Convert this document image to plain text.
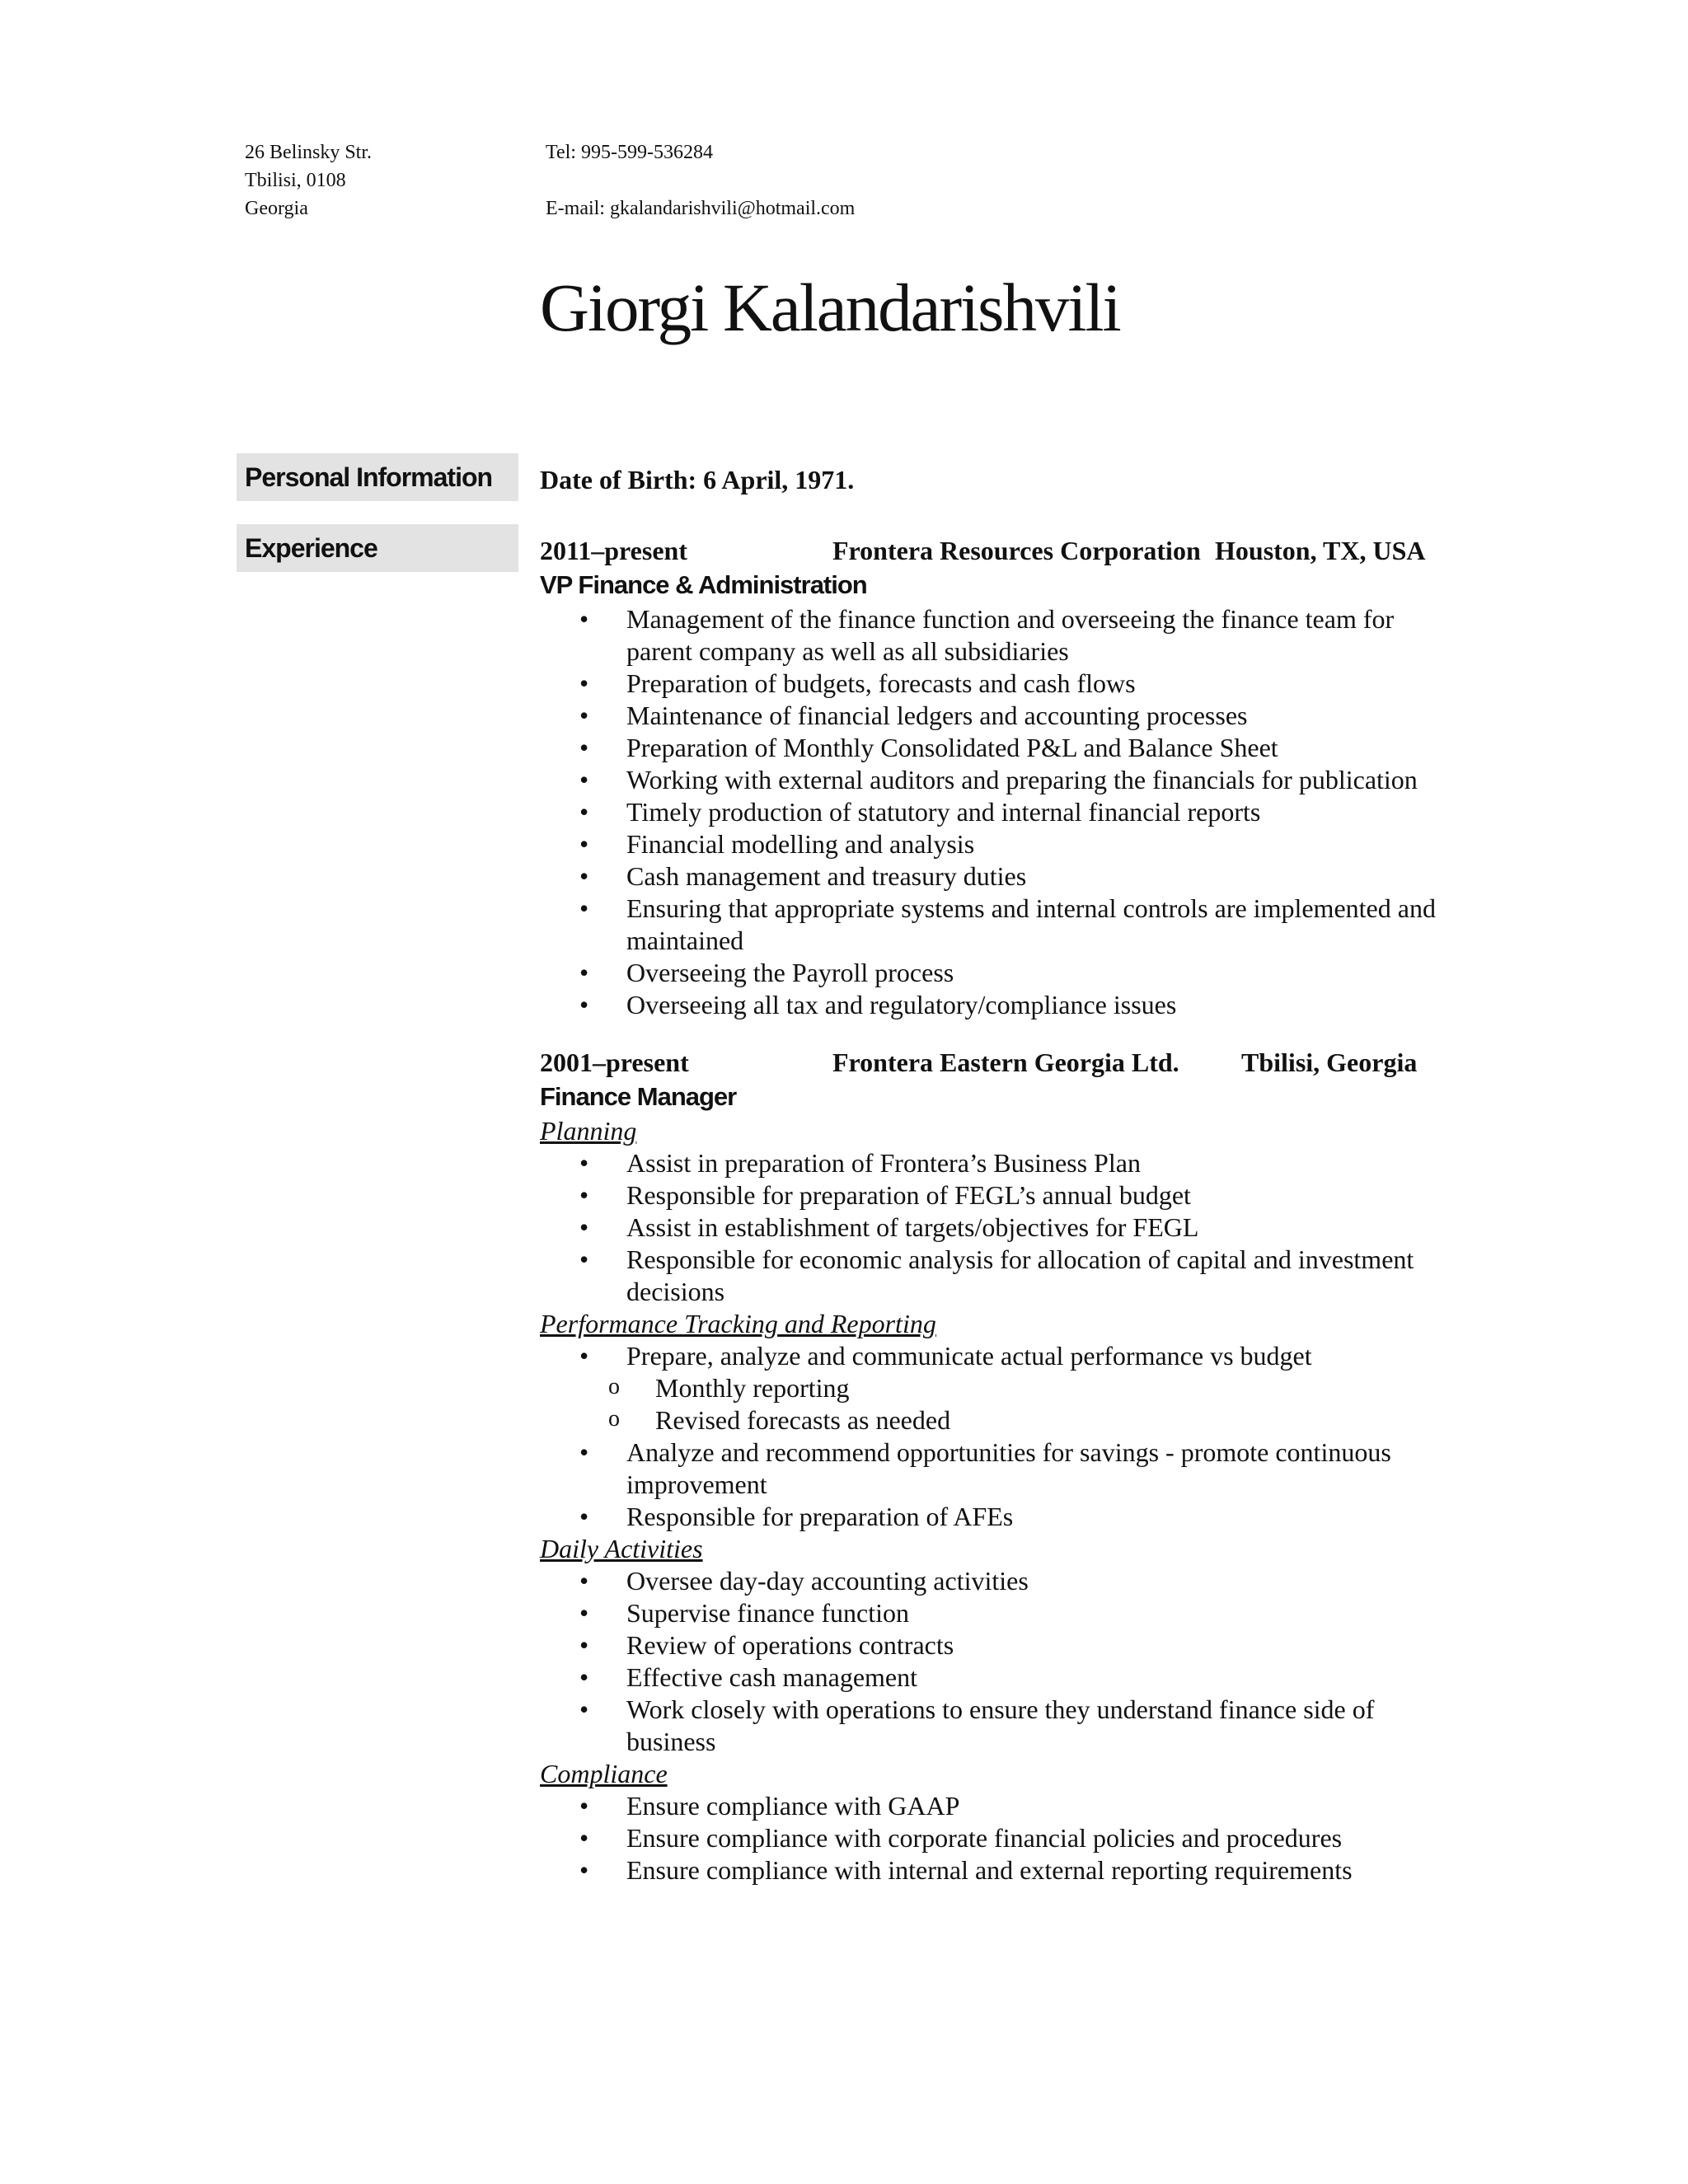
26 Belinsky Str.
Tbilisi, 0108
Georgia
Tel: 995-599-536284
E-mail: gkalandarishvili@hotmail.com
Giorgi Kalandarishvili
Personal Information	Date of Birth: 6 April, 1971.
Experience	2011–present	Frontera Resources Corporation Houston, TX, USA
VP Finance & Administration
• Management of the finance function and overseeing the finance team for parent company as well as all subsidiaries
• Preparation of budgets, forecasts and cash flows
• Maintenance of financial ledgers and accounting processes
• Preparation of Monthly Consolidated P&L and Balance Sheet
• Working with external auditors and preparing the financials for publication
• Timely production of statutory and internal financial reports
• Financial modelling and analysis
• Cash management and treasury duties
• Ensuring that appropriate systems and internal controls are implemented and maintained
• Overseeing the Payroll process
• Overseeing all tax and regulatory/compliance issues
2001–present	Frontera Eastern Georgia Ltd. Tbilisi, Georgia
Finance Manager
Planning
• Assist in preparation of Frontera’s Business Plan
• Responsible for preparation of FEGL’s annual budget
• Assist in establishment of targets/objectives for FEGL
• Responsible for economic analysis for allocation of capital and investment decisions
Performance Tracking and Reporting
• Prepare, analyze and communicate actual performance vs budget
o Monthly reporting
o Revised forecasts as needed
• Analyze and recommend opportunities for savings - promote continuous improvement
• Responsible for preparation of AFEs
Daily Activities
• Oversee day-day accounting activities
• Supervise finance function
• Review of operations contracts
• Effective cash management
• Work closely with operations to ensure they understand finance side of business
Compliance
• Ensure compliance with GAAP
• Ensure compliance with corporate financial policies and procedures
• Ensure compliance with internal and external reporting requirements
